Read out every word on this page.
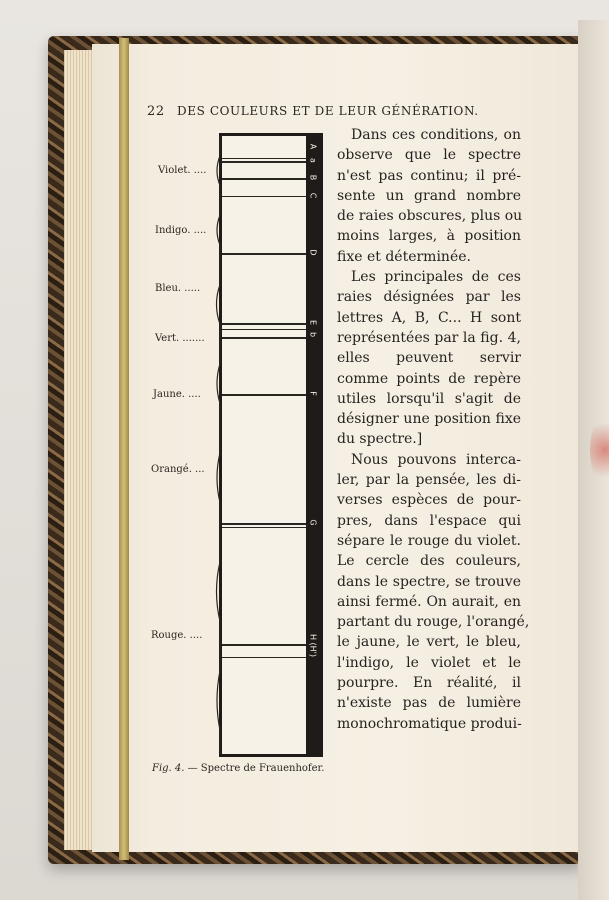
22 DES COULEURS ET DE LEUR GÉNÉRATION.
Violet. ....
Indigo. ....
Bleu. .....
Vert. .......
Jaune. ....
Orangé. ...
Rouge. ....
A
a
B
C
D
E
b
F
G
H (H')
Fig. 4. — Spectre de Frauenhofer.
Dans ces conditions, on
observe que le spectre
n'est pas continu; il pré-
sente un grand nombre
de raies obscures, plus ou
moins larges, à position
fixe et déterminée.
Les principales de ces
raies désignées par les
lettres A, B, C... H sont
représentées par la fig. 4,
elles peuvent servir
comme points de repère
utiles lorsqu'il s'agit de
désigner une position fixe
du spectre.]
Nous pouvons interca-
ler, par la pensée, les di-
verses espèces de pour-
pres, dans l'espace qui
sépare le rouge du violet.
Le cercle des couleurs,
dans le spectre, se trouve
ainsi fermé. On aurait, en
partant du rouge, l'orangé,
le jaune, le vert, le bleu,
l'indigo, le violet et le
pourpre. En réalité, il
n'existe pas de lumière
monochromatique produi-
